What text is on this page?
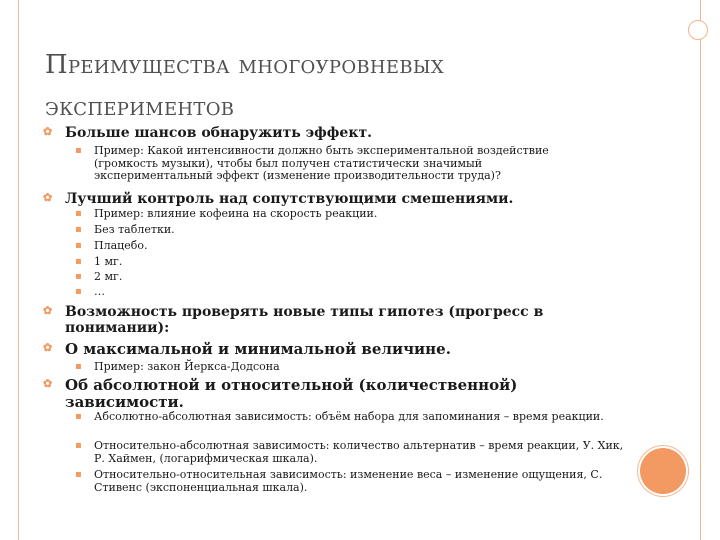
Преимущества многоуровневых
экспериментов
✿ Больше шансов обнаружить эффект.
▪ Пример: Какой интенсивности должно быть экспериментальной воздействие (громкость музыки), чтобы был получен статистически значимый экспериментальный эффект (изменение производительности труда)?
✿ Лучший контроль над сопутствующими смешениями.
▪ Пример: влияние кофеина на скорость реакции.
▪ Без таблетки.
▪ Плацебо.
▪ 1 мг.
▪ 2 мг.
▪ …
✿ Возможность проверять новые типы гипотез (прогресс в понимании):
✿ О максимальной и минимальной величине.
▪ Пример: закон Йеркса-Додсона
✿ Об абсолютной и относительной (количественной) зависимости.
▪ Абсолютно-абсолютная зависимость: объём набора для запоминания – время реакции.
▪ Относительно-абсолютная зависимость: количество альтернатив – время реакции, У. Хик, Р. Хаймен, (логарифмическая шкала).
▪ Относительно-относительная зависимость: изменение веса – изменение ощущения, С. Стивенс (экспоненциальная шкала).
